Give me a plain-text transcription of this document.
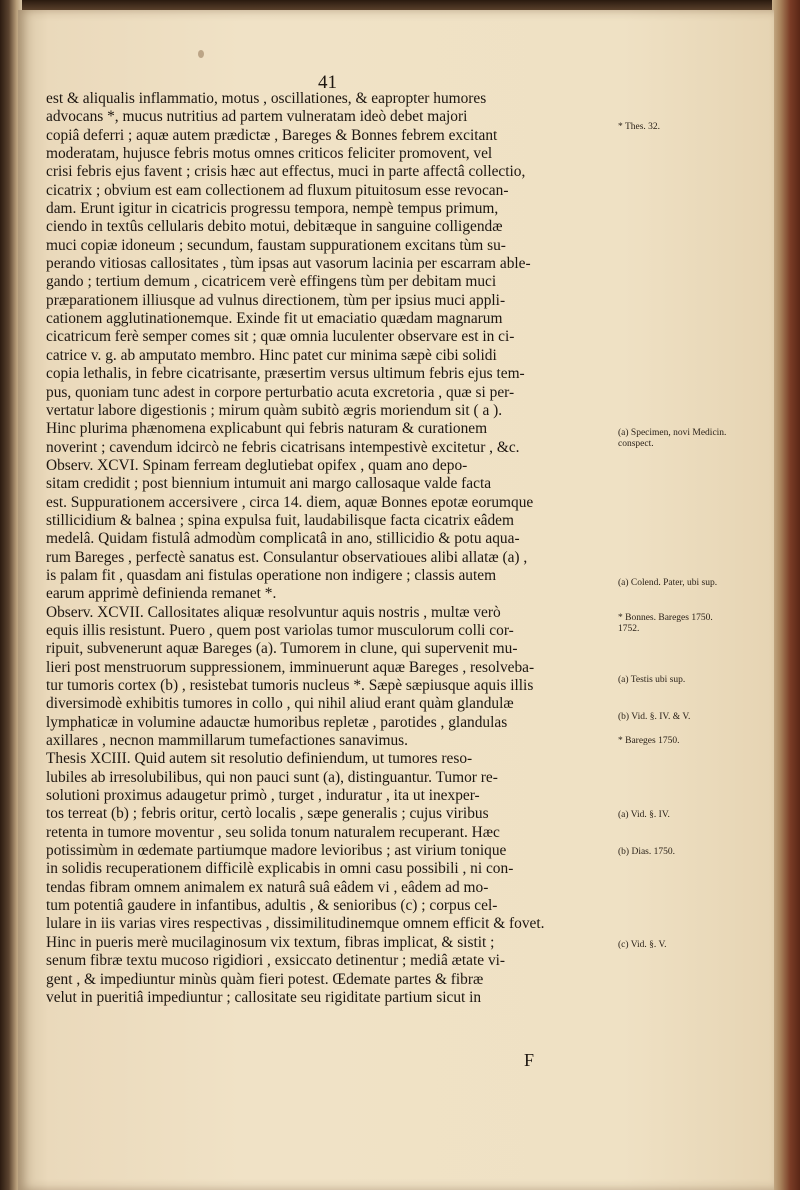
41
est & aliqualis inflammatio, motus , oscillationes, & eapropter humores
advocans *, mucus nutritius ad partem vulneratam ideò debet majori
copiâ deferri ; aquæ autem prædictæ , Bareges & Bonnes febrem excitant
moderatam, hujusce febris motus omnes criticos feliciter promovent, vel
crisi febris ejus favent ; crisis hæc aut effectus, muci in parte affectâ collectio,
cicatrix ; obvium est eam collectionem ad fluxum pituitosum esse revocan-
dam. Erunt igitur in cicatricis progressu tempora, nempè tempus primum,
ciendo in textûs cellularis debito motui, debitæque in sanguine colligendæ
muci copiæ idoneum ; secundum, faustam suppurationem excitans tùm su-
perando vitiosas callositates , tùm ipsas aut vasorum lacinia per escarram able-
gando ; tertium demum , cicatricem verè effingens tùm per debitam muci
præparationem illiusque ad vulnus directionem, tùm per ipsius muci appli-
cationem agglutinationemque. Exinde fit ut emaciatio quædam magnarum
cicatricum ferè semper comes sit ; quæ omnia luculenter observare est in ci-
catrice v. g. ab amputato membro. Hinc patet cur minima sæpè cibi solidi
copia lethalis, in febre cicatrisante, præsertim versus ultimum febris ejus tem-
pus, quoniam tunc adest in corpore perturbatio acuta excretoria , quæ si per-
vertatur labore digestionis ; mirum quàm subitò ægris moriendum sit ( a ).
Hinc plurima phænomena explicabunt qui febris naturam & curationem
noverint ; cavendum idcircò ne febris cicatrisans intempestivè excitetur , &c.
Observ. XCVI. Spinam ferream deglutiebat opifex , quam ano depo-
sitam credidit ; post biennium intumuit ani margo callosaque valde facta
est. Suppurationem accersivere , circa 14. diem, aquæ Bonnes epotæ eorumque
stillicidium & balnea ; spina expulsa fuit, laudabilisque facta cicatrix eâdem
medelâ. Quidam fistulâ admodùm complicatâ in ano, stillicidio & potu aqua-
rum Bareges , perfectè sanatus est. Consulantur observatioues alibi allatæ (a) ,
is palam fit , quasdam ani fistulas operatione non indigere ; classis autem
earum apprimè definienda remanet *.
Observ. XCVII. Callositates aliquæ resolvuntur aquis nostris , multæ verò
equis illis resistunt. Puero , quem post variolas tumor musculorum colli cor-
ripuit, subvenerunt aquæ Bareges (a). Tumorem in clune, qui supervenit mu-
lieri post menstruorum suppressionem, imminuerunt aquæ Bareges , resolveba-
tur tumoris cortex (b) , resistebat tumoris nucleus *. Sæpè sæpiusque aquis illis
diversimodè exhibitis tumores in collo , qui nihil aliud erant quàm glandulæ
lymphaticæ in volumine adauctæ humoribus repletæ , parotides , glandulas
axillares , necnon mammillarum tumefactiones sanavimus.
Thesis XCIII. Quid autem sit resolutio definiendum, ut tumores reso-
lubiles ab irresolubilibus, qui non pauci sunt (a), distinguantur. Tumor re-
solutioni proximus adaugetur primò , turget , induratur , ita ut inexper-
tos terreat (b) ; febris oritur, certò localis , sæpe generalis ; cujus viribus
retenta in tumore moventur , seu solida tonum naturalem recuperant. Hæc
potissimùm in œdemate partiumque madore levioribus ; ast virium tonique
in solidis recuperationem difficilè explicabis in omni casu possibili , ni con-
tendas fibram omnem animalem ex naturâ suâ eâdem vi , eâdem ad mo-
tum potentiâ gaudere in infantibus, adultis , & senioribus (c) ; corpus cel-
lulare in iis varias vires respectivas , dissimilitudinemque omnem efficit & fovet.
Hinc in pueris merè mucilaginosum vix textum, fibras implicat, & sistit ;
senum fibræ textu mucoso rigidiori , exsiccato detinentur ; mediâ ætate vi-
gent , & impediuntur minùs quàm fieri potest. Œdemate partes & fibræ
velut in pueritiâ impediuntur ; callositate seu rigiditate partium sicut in
* Thes. 32.
(a) Specimen, novi Medicin. conspect.
(a) Colend. Pater, ubi sup.
* Bonnes. Bareges 1750. 1752.
(a) Testis ubi sup.
(b) Vid. §. IV. & V.
* Bareges 1750.
(a) Vid. §. IV.
(b) Dias. 1750.
(c) Vid. §. V.
F
